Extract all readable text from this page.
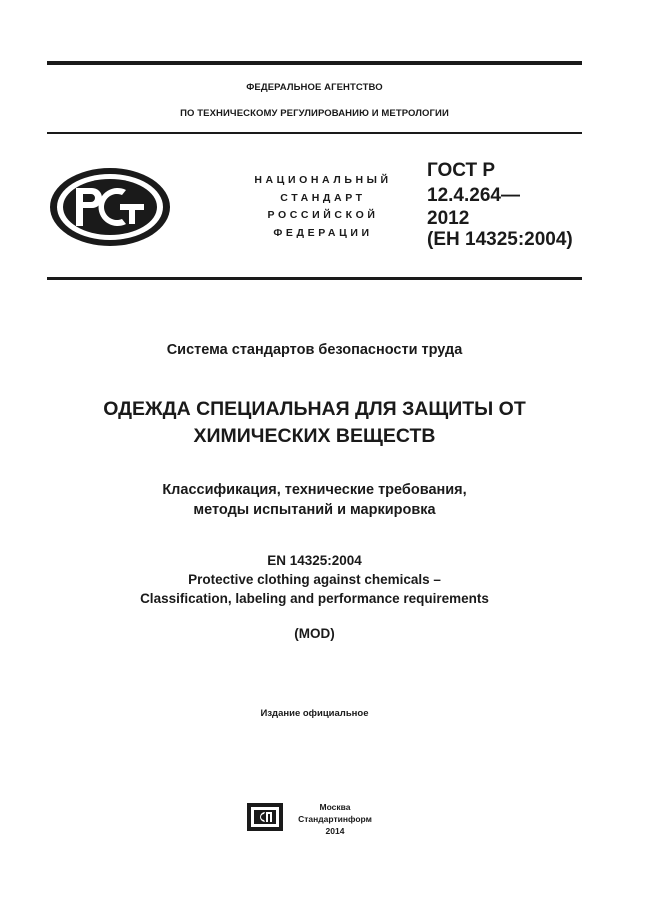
ФЕДЕРАЛЬНОЕ АГЕНТСТВО
ПО ТЕХНИЧЕСКОМУ РЕГУЛИРОВАНИЮ И МЕТРОЛОГИИ
НАЦИОНАЛЬНЫЙ
СТАНДАРТ
РОССИЙСКОЙ
ФЕДЕРАЦИИ
ГОСТ Р
12.4.264—
2012
(ЕН 14325:2004)
Система стандартов безопасности труда
ОДЕЖДА СПЕЦИАЛЬНАЯ ДЛЯ ЗАЩИТЫ ОТ
ХИМИЧЕСКИХ ВЕЩЕСТВ
Классификация, технические требования,
методы испытаний и маркировка
EN 14325:2004
Protective clothing against chemicals –
Classification, labeling and performance requirements
(MOD)
Издание официальное
Москва
Стандартинформ
2014
